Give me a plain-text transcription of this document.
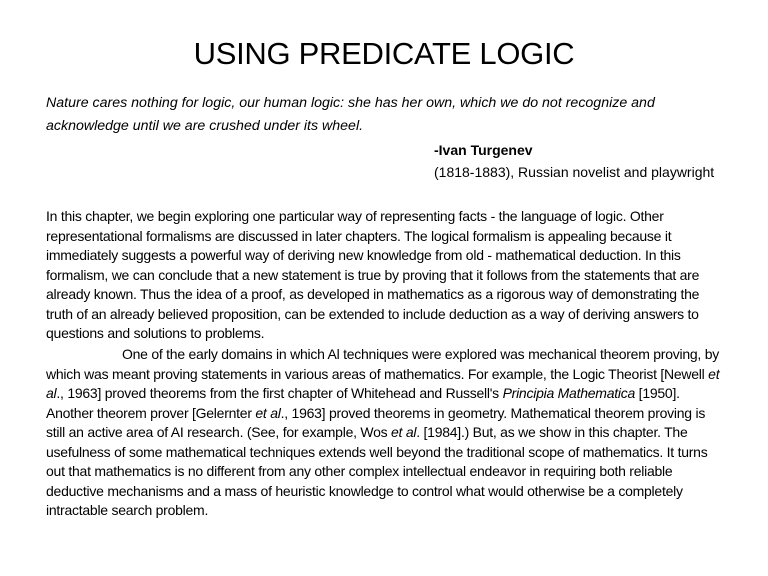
USING PREDICATE LOGIC
Nature cares nothing for logic, our human logic: she has her own, which we do not recognize and acknowledge until we are crushed under its wheel.
-Ivan Turgenev
(1818-1883), Russian novelist and playwright

In this chapter, we begin exploring one particular way of representing facts - the language of logic. Other representational formalisms are discussed in later chapters. The logical formalism is appealing because it immediately suggests a powerful way of deriving new knowledge from old - mathematical deduction. In this formalism, we can conclude that a new statement is true by proving that it follows from the statements that are already known. Thus the idea of a proof, as developed in mathematics as a rigorous way of demonstrating the truth of an already believed proposition, can be extended to include deduction as a way of deriving answers to questions and solutions to problems.

One of the early domains in which Al techniques were explored was mechanical theorem proving, by which was meant proving statements in various areas of mathematics. For example, the Logic Theorist [Newell et al., 1963] proved theorems from the first chapter of Whitehead and Russell's Principia Mathematica [1950]. Another theorem prover [Gelernter et al., 1963] proved theorems in geometry. Mathematical theorem proving is still an active area of AI research. (See, for example, Wos et al. [1984].) But, as we show in this chapter. The usefulness of some mathematical techniques extends well beyond the traditional scope of mathematics. It turns out that mathematics is no different from any other complex intellectual endeavor in requiring both reliable deductive mechanisms and a mass of heuristic knowledge to control what would otherwise be a completely intractable search problem.
